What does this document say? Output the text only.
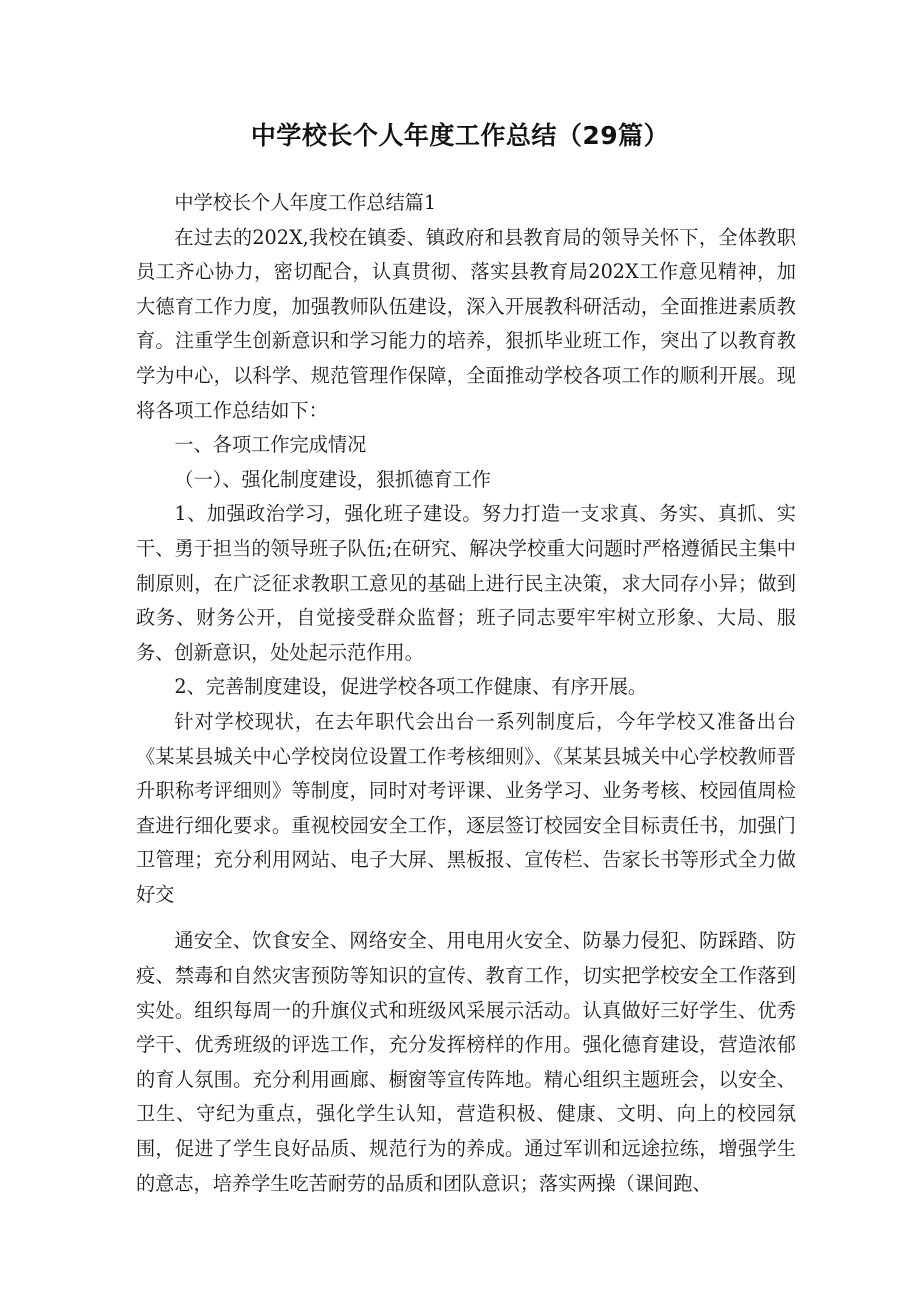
中学校长个人年度工作总结（29篇）

中学校长个人年度工作总结篇1

在过去的202X,我校在镇委、镇政府和县教育局的领导关怀下，全体教职员工齐心协力，密切配合，认真贯彻、落实县教育局202X工作意见精神，加大德育工作力度，加强教师队伍建设，深入开展教科研活动，全面推进素质教育。注重学生创新意识和学习能力的培养，狠抓毕业班工作，突出了以教育教学为中心，以科学、规范管理作保障，全面推动学校各项工作的顺利开展。现将各项工作总结如下：

一、各项工作完成情况

（一）、强化制度建设，狠抓德育工作

1、加强政治学习，强化班子建设。努力打造一支求真、务实、真抓、实干、勇于担当的领导班子队伍;在研究、解决学校重大问题时严格遵循民主集中制原则，在广泛征求教职工意见的基础上进行民主决策，求大同存小异；做到政务、财务公开，自觉接受群众监督；班子同志要牢牢树立形象、大局、服务、创新意识，处处起示范作用。

2、完善制度建设，促进学校各项工作健康、有序开展。

针对学校现状，在去年职代会出台一系列制度后，今年学校又准备出台《某某县城关中心学校岗位设置工作考核细则》、《某某县城关中心学校教师晋升职称考评细则》等制度，同时对考评课、业务学习、业务考核、校园值周检查进行细化要求。重视校园安全工作，逐层签订校园安全目标责任书，加强门卫管理；充分利用网站、电子大屏、黑板报、宣传栏、告家长书等形式全力做好交

通安全、饮食安全、网络安全、用电用火安全、防暴力侵犯、防踩踏、防疫、禁毒和自然灾害预防等知识的宣传、教育工作，切实把学校安全工作落到实处。组织每周一的升旗仪式和班级风采展示活动。认真做好三好学生、优秀学干、优秀班级的评选工作，充分发挥榜样的作用。强化德育建设，营造浓郁的育人氛围。充分利用画廊、橱窗等宣传阵地。精心组织主题班会，以安全、卫生、守纪为重点，强化学生认知，营造积极、健康、文明、向上的校园氛围，促进了学生良好品质、规范行为的养成。通过军训和远途拉练，增强学生的意志，培养学生吃苦耐劳的品质和团队意识；落实两操（课间跑、
